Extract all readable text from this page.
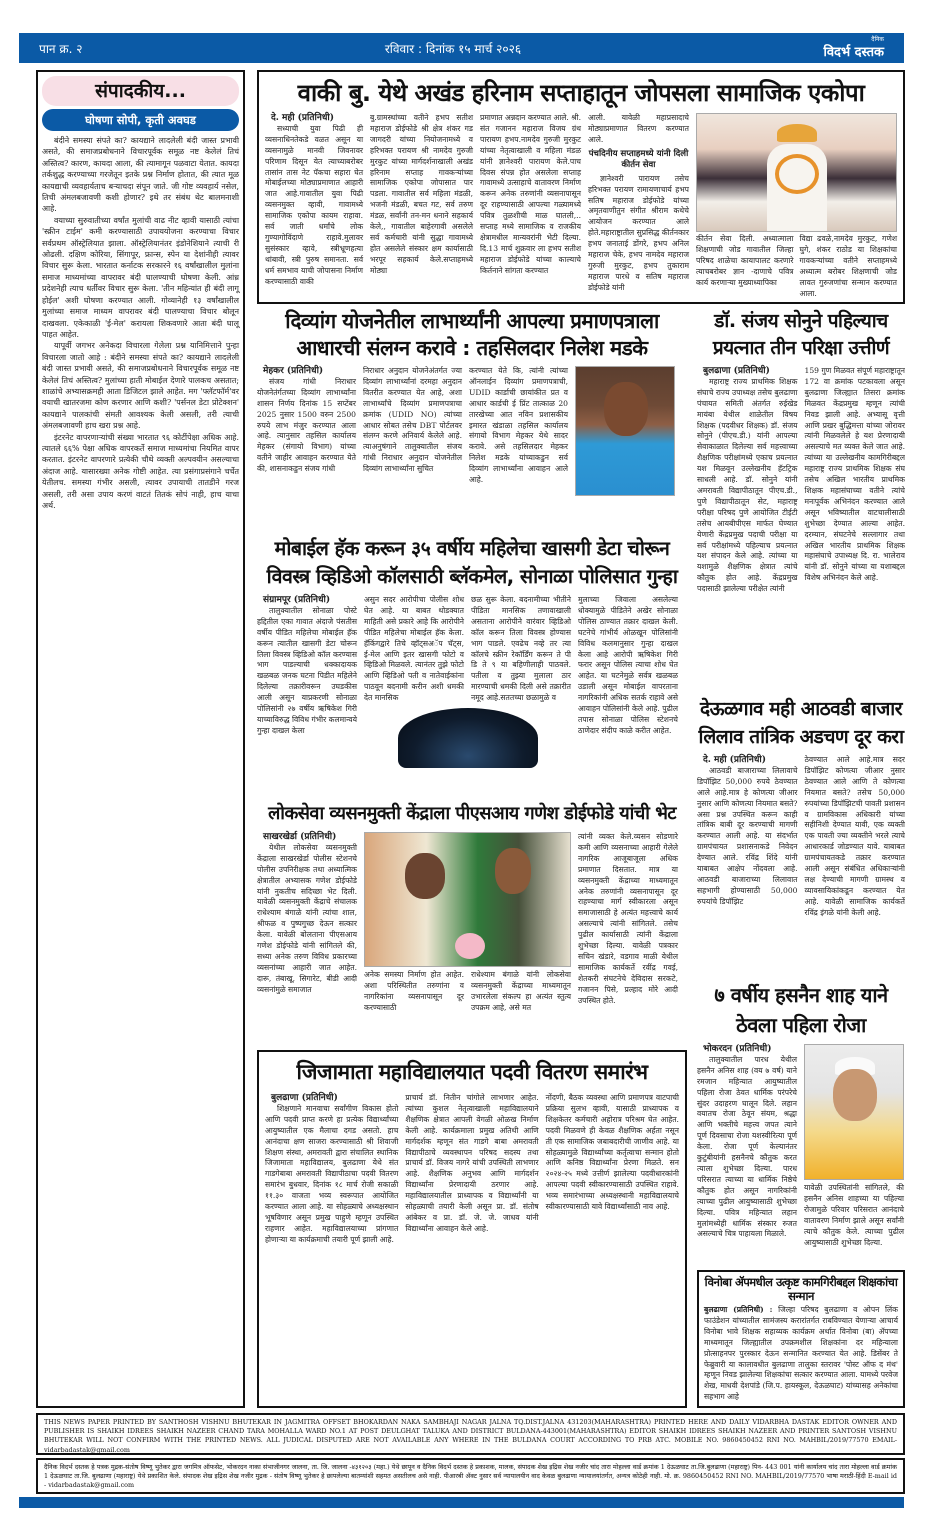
पान क्र. २	रविवार : दिनांक १५ मार्च २०२६
दैनिक
विदर्भ दस्तक
संपादकीय...
घोषणा सोपी, कृती अवघड

बंदीने समस्या संपते का? कायद्याने लादलेली बंदी जास्त प्रभावी असते, की समाजप्रबोधनाने विचारपूर्वक समूळ नष्ट केलेलं तिचं अस्तित्व? कारण, कायदा आला, की त्यामागून पळवाटा येतात. कायदा तर्कशुद्ध करण्याच्या गरजेतून इतके प्रश्न निर्माण होतात, की त्यात मूळ कायद्याची व्यवहार्यताच बऱ्याचदा संपून जाते. जी गोष्ट व्यवहार्य नसेल, तिची अंमलबजावणी कशी होणार? इथे तर संबंध थेट बालमनाशी आहे.

वयाच्या सुरुवातीच्या वर्षांत मुलांची वाढ नीट व्हावी यासाठी त्यांचा 'स्क्रीन टाईम' कमी करण्यासाठी उपाययोजना करण्याचा विचार सर्वप्रथम ऑस्ट्रेलियात झाला. ऑस्ट्रेलियानंतर इंडोनेशियाने त्याची री ओढली. दक्षिण कोरिया, सिंगापूर, फ्रान्स, स्पेन या देशांनीही त्यावर विचार सुरू केला. भारतात कर्नाटक सरकारने १६ वर्षांखालील मुलांना समाज माध्यमांच्या वापरावर बंदी घालण्याची घोषणा केली. आंध्र प्रदेशनेही त्याच धर्तीवर विचार सुरू केला. 'तीन महिन्यांत ही बंदी लागू होईल' अशी घोषणा करण्यात आली. गोव्यानेही १३ वर्षांखालील मुलांच्या समाज माध्यम वापरावर बंदी घालण्याचा विचार बोलून दाखवला. एकेकाळी 'ई-मेल' करायला शिकवणारे आता बंदी घालू पाहत आहेत.

यापूर्वी जगभर अनेकदा विचारला गेलेला प्रश्न यानिमित्ताने पुन्हा विचारला जातो आहे : बंदीने समस्या संपते का? कायद्याने लादलेली बंदी जास्त प्रभावी असते, की समाजप्रबोधनाने विचारपूर्वक समूळ नष्ट केलेलं तिचं अस्तित्व? मुलांच्या हाती मोबाईल देणारे पालकच असतात; शाळांचे अभ्यासक्रमही आता डिजिटल झाले आहेत. मग 'फ्लॅटफॉर्म'वर वयाची खातरजमा कोण करणार आणि कशी? 'पर्सनल डेटा प्रोटेक्शन' कायद्याने पालकांची संमती आवश्यक केली असली, तरी त्याची अंमलबजावणी हाच खरा प्रश्न आहे.

इंटरनेट वापरणाऱ्यांची संख्या भारतात ९६ कोटींपेक्षा अधिक आहे. त्यातले ६६% पेक्षा अधिक वापरकर्ते समाज माध्यमांचा नियमित वापर करतात. इंटरनेट वापरणारे प्रत्येकी चौथे व्यक्ती अल्पवयीन असल्याचा अंदाज आहे. यासारख्या अनेक गोष्टी आहेत. त्या प्रसंगाप्रसंगाने चर्चेत येतीलच. समस्या गंभीर असली, त्यावर उपायाची तातडीने गरज असली, तरी असा उपाय करणं वाटतं तितकं सोपं नाही, हाच याचा अर्थ.

वाकी बु. येथे अखंड हरिनाम सप्ताहातून जोपसला सामाजिक एकोपा
दे. मही (प्रतिनिधी)

सध्याची युवा पिढी ही व्यसनाधिनतेकडे वळत असून या व्यसनामुळे मानवी जिवनावर परिणाम दिसून येत त्याच्याबरोबर तासांन तास नेट पॅकचा सहारा घेत मोबाईलच्या मोठ्याप्रमाणात आहारी जात आहे.गावातील युवा पिढी व्यसनमुक्त व्हावी, गावामध्ये सामाजिक एकोपा कायम राहावा. सर्व जाती धर्मांचे लोक गुण्यागोविंदाणे राहावे.मुलावर सुसंस्कार व्हावे, स्त्रीभ्रूणहत्या थांबावी, स्त्री पुरुष समानता. सर्व धर्म समभाव याची जोपासना निर्माण करण्यासाठी वाकी

बु.ग्रामस्थांच्या वतीने हभप सतीश महाराज डोईफोडे श्री क्षेत्र शंकर गड जागदरी यांच्या नियोजनामध्ये व हरिभक्त परायण श्री नामदेव गुरुजी मुरकुट यांच्या मार्गदर्शनाखाली अखंड हरिनाम सप्ताह गावकऱ्यांच्या सामाजिक एकोपा जोपासात पार पडला. गावातील सर्व महिला मंडळी, भजनी मंडळी, बचत गट, सर्व तरुण मंडळ, सर्वांनी तन-मन धनाने सहकार्य केले,, गावातील बाहेरगावी असलेले सर्व कर्मचारी यांनी सुद्धा गावामध्ये होत असलेले संस्कार क्षम कार्यासाठी भरपूर सहकार्य केले.सप्ताहमध्ये मोठ्या

प्रमाणात अन्नदान करण्यात आले. श्री. संत गजानन महाराज विजय ग्रंथ पारायण हभप.नामदेव गुरुजी मुरकुट यांच्या नेतृत्वाखाली व महिला मंडळ यांनी ज्ञानेश्वरी पारायण केले.पाच दिवस संपन्न होत असलेला सप्ताह गावामध्ये उत्साहाचे वातावरण निर्माण करून अनेक तरुणांनी व्यसनापासून दूर राहण्यासाठी आपल्या गळ्यामध्ये पवित्र तुळशीची माळ घातली,.. सप्ताह मध्ये सामाजिक व राजकीय क्षेत्रामधील मान्यवरांनी भेटी दिल्या. दि.13 मार्च शुक्रवार ला हभप सतीश महाराज डोईफोडे यांच्या काल्याचे किर्तनाने सांगता करण्यात

आली. यावेळी महाप्रसादाचे मोठ्याप्रमाणात वितरण करण्यात आले.

पंचदिनीय सप्ताहमध्ये यांनी दिली कीर्तन सेवा

ज्ञानेश्वरी पारायण तसेच हरिभक्त परायण रामायणाचार्य हभप सतिष महाराज डोईफोडे यांच्या अमृतवाणीतुन संगीत श्रीराम कथेचे आयोजन करण्यात आले होते.महाराष्ट्रातील सुप्रसिद्ध कीर्तनकार हभप जनाताई डोंगरे, हभप अनिल महाराज चेके, हभप नामदेव महाराज गुरुजी मुरकुट, हभप तुकाराम महाराज पारधे व सतिष महाराज डोईफोडे यांनी

कीर्तन सेवा दिली. अध्यात्माला शिक्षणाची जोड गावातील जिल्हा परिषद शाळेचा कायापालट करणारे त्याचबरोबर ज्ञान -दाणाचे पवित्र कार्य करणाऱ्या मुख्याध्यापिका
विद्या ढवळे,नामदेव मुरकुट, गणेश घुगे, शंकर राठोड या शिक्षकांचा गावकऱ्यांच्या वतीने सप्ताहमध्ये अध्यात्म बरोबर शिक्षणाची जोड लावत गुरुजणांचा सन्मान करण्यात आला.
दिव्यांग योजनेतील लाभार्थ्यांनी आपल्या प्रमाणपत्राला आधारची संलग्न करावे : तहसिलदार निलेश मडके
मेहकर (प्रतिनिधी)

संजय गांधी निराधार योजनेतंर्गतच्या दिव्यांग लाभार्थ्यांना शासन निर्णय दिनांक 15 सप्टेंबर 2025 नुसार 1500 वरुन 2500 रुपये लाभ मंजुर करण्यात आला आहे. त्यानुसार तहसिल कार्यालय मेहकर (संगायो विभाग) यांच्या वतीने जाहीर आवाहन करण्यात येते की, शासनाकडुन संजय गांधी

निराधार अनुदान योजनेअंतर्गत ज्या दिव्यांग लाभार्थ्यांनां दरमहा अनुदान वितरीत करण्यात येत आहे, अशा लाभार्थ्यांचे दिव्यांग प्रमाणपत्राचा क्रमांक (UDID NO) त्यांच्या आधार सोबत तसेच DBT पोर्टलवर संलग्न करणे अनिवार्य केलेले आहे. त्याअनुषंगाने तालुक्यातील संजय गांधी निराधार अनुदान योजनेतील दिव्यांग लाभार्थ्यांना सुचित
करण्यात येते कि, त्यांनी त्यांच्या ऑनलाईन दिव्यांग प्रमाणपत्राची, UDID कार्डाची छायांकीत प्रत व आधार कार्डची ई प्रिंट तात्काळ 20 तारखेच्या आत नविन प्रशासकीय इमारत खंडाळा तहसिल कार्यालय संगायो विभाग मेहकर येथे सादर करावे. असे तहसिलदार मेहकर निलेश मडके यांच्याकडुन सर्व दिव्यांग लाभार्थ्यांना आवाहन आले आहे.
डॉ. संजय सोनुने पहिल्याच प्रयत्नात तीन परिक्षा उत्तीर्ण
बुलढाणा (प्रतिनिधी)

महाराष्ट्र राज्य प्राथमिक शिक्षक संघाचे राज्य उपाध्यक्ष तसेच बुलढाणा पंचायत समिती अंतर्गत रुईखेड मायंबा येथील शाळेतील विषय शिक्षक (पदवीधर शिक्षक) डॉ. संजय सोनुने (पीएच.डी.) यांनी आपल्या सेवाकाळात दिलेल्या सर्व महत्त्वाच्या शैक्षणिक परीक्षांमध्ये एकाच प्रयत्नात यश मिळवून उल्लेखनीय हॅटट्रिक साधली आहे. डॉ. सोनुने यांनी अमरावती विद्यापीठातून पीएच.डी., पुणे विद्यापीठातून सेट, महाराष्ट्र परीक्षा परिषद पुणे आयोजित टीईटी तसेच आयबीपीएस मार्फत घेण्यात येणारी केंद्रप्रमुख पदाची परीक्षा या सर्व परीक्षांमध्ये पहिल्याच प्रयत्नात यश संपादन केले आहे. त्यांच्या या यशामुळे शैक्षणिक क्षेत्रात त्यांचे कौतुक होत आहे. केंद्रप्रमुख पदासाठी झालेल्या परीक्षेत त्यांनी

159 गुण मिळवत संपूर्ण महाराष्ट्रातून 172 वा क्रमांक पटकावला असून बुलढाणा जिल्ह्यात तिसरा क्रमांक मिळवत केंद्रप्रमुख म्हणून त्यांची निवड झाली आहे. अभ्यासू वृत्ती आणि प्रखर बुद्धिमत्ता यांच्या जोरावर त्यांनी मिळवलेले हे यश प्रेरणादायी असल्याचे मत व्यक्त केले जात आहे. त्यांच्या या उल्लेखनीय कामगिरीबद्दल महाराष्ट्र राज्य प्राथमिक शिक्षक संघ तसेच अखिल भारतीय प्राथमिक शिक्षक महासंघाच्या वतीने त्यांचे मनःपूर्वक अभिनंदन करण्यात आले असून भविष्यातील वाटचालीसाठी शुभेच्छा देण्यात आल्या आहेत. दरम्यान, संघटनेचे सल्लागार तथा अखिल भारतीय प्राथमिक शिक्षक महासंघाचे उपाध्यक्ष दि. रा. भालेराव यांनी डॉ. सोनुने यांच्या या यशाबद्दल विशेष अभिनंदन केले आहे.
मोबाईल हॅक करून ३५ वर्षीय महिलेचा खासगी डेटा चोरून विवस्त्र व्हिडिओ कॉलसाठी ब्लॅकमेल, सोनाळा पोलिसात गुन्हा
संग्रामपूर (प्रतिनिधी)

तालुक्यातील सोनाळा पोस्टे हद्दितील एका गावात अंदाजे पंसतीस वर्षीय पीडित महिलेचा मोबाईल हॅक करून त्यातील खासगी डेटा चोरून तिला विवस्त्र व्हिडिओ कॉल करण्यास भाग पाडल्याची धक्कादायक खळबळ जनक घटना पिडीत महिलेने दिलेल्या तक्रारीवरून उघडकीस आली असून याप्रकरणी सोनाळा पोलिसांनी २७ वर्षीय ऋषिकेश गिरी याच्याविरुद्ध विविध गंभीर कलमान्वये गुन्हा दाखल केला

असुन सदर आरोपीचा पोलीस शोध घेत आहे. या बाबत थोडक्यात माहिती असे प्रकारे आहे कि आरोपीने पीडित महिलेचा मोबाईल हॅक केला. हॅकिंगद्वारे तिचे व्हॉट्सअॅप चॅट्स, ई-मेल आणि इतर खासगी फोटो व व्हिडिओ मिळवले. त्यानंतर तुझे फोटो आणि व्हिडिओ पती व नातेवाईकांना पाठवून बदनामी करीन अशी धमकी देत मानसिक

छळ सुरू केला. बदनामीच्या भीतीने पीडिता मानसिक तणावाखाली असताना आरोपीने वारंवार व्हिडिओ कॉल करून तिला विवस्त्र होण्यास भाग पाडले. एवढेच नव्हे तर त्या कॉलचे स्क्रीन रेकॉर्डिंग करून ते पी डि ते ९ या बहिणीलाही पाठवले. पतीला व तुझ्या मुलाला ठार मारण्याची धमकी दिली असे तक्रारीत नमूद आहे.सततच्या छळामुळे व

मुलाच्या जिवाला असलेल्या धोक्यामुळे पीडितेने अखेर सोनाळा पोलिस ठाण्यात तक्रार दाखल केली. घटनेचे गांभीर्य ओळखून पोलिसांनी विविध कलमानुसार गुन्हा दाखल केला आहे आरोपी ऋषिकेश गिरी फरार असून पोलिस त्याचा शोध घेत आहेत. या घटनेमुळे सर्वत्र खळबळ उडाली असून मोबाईल वापरताना नागरिकांनी अधिक सतर्क राहावे असे आवाहन पोलिसांनी केले आहे. पुढील तपास सोनाळा पोलिस स्टेशनचे ठाणेदार संदीप काळे करीत आहेत.

देऊळगाव मही आठवडी बाजार लिलाव तांत्रिक अडचण दूर करा
दे. मही (प्रतिनिधी)

आठवडी बाजाराच्या लिलावाचे डिपॉझिट 50,000 रुपये ठेवण्यात आले आहे.मात्र हे कोणत्या जीआर नुसार आणि कोणत्या नियमात बसते? असा प्रश्न उपस्थित करून काही तांत्रिक बाबी दूर करण्याची मागणी करण्यात आली आहे. या संदर्भात ग्रामपंचायत प्रशासनाकडे निवेदन देण्यात आले. रविंद्र शिंदे यांनी याबाबत आक्षेप नोंदवला आहे. आठवडी बाजाराच्या लिलावात सहभागी होण्यासाठी 50,000 रुपयांचे डिपॉझिट

ठेवण्यात आले आहे.मात्र सदर डिपॉझिट कोणत्या जीआर नुसार ठेवण्यात आले आणि ते कोणत्या नियमात बसते? तसेच 50,000 रुपयांच्या डिपॉझिटची पावती प्रशासन व ग्रामविकास अधिकारी यांच्या सहीनिशी देण्यात यावी, एक व्यक्ती एक पावती ज्या व्यक्तीने भरले त्याचे आधारकार्ड जोडण्यात यावे. याबाबत ग्रामपंचायतकडे तक्रार करण्यात आली असून संबंधित अधिकाऱ्यांनी लक्ष देण्याची मागणी ग्रामस्थ व व्यावसायिकांकडून करण्यात येत आहे. यावेळी सामाजिक कार्यकर्ते रविंद्र इंगळे यांनी केली आहे.
लोकसेवा व्यसनमुक्ती केंद्राला पीएसआय गणेश डोईफोडे यांची भेट
साखरखेर्डा (प्रतिनिधी)

येथील लोकसेवा व्यसनमुक्ती केंद्राला साखरखेर्डा पोलीस स्टेशनचे पोलीस उपनिरीक्षक तथा अध्यात्मिक क्षेत्रातील अभ्यासक गणेश डोईफोडे यांनी नुकतीच सदिच्छा भेट दिली. यावेळी व्यसनमुक्ती केंद्राचे संचालक राधेश्याम बंगाळे यांनी त्यांचा शाल, श्रीफळ व पुष्पगुच्छ देऊन सत्कार केला. यावेळी बोलताना पीएसआय गणेश डोईफोडे यांनी सांगितले की, सध्या अनेक तरुण विविध प्रकारच्या व्यसनांच्या आहारी जात आहेत. दारू, तंबाखू, सिगारेट, बीडी आदी व्यसनांमुळे समाजात

अनेक समस्या निर्माण होत आहेत. अशा परिस्थितीत तरुणांना व नागरिकांना व्यसनापासून दूर करण्यासाठी
राधेश्याम बंगाळे यांनी लोकसेवा व्यसनमुक्ती केंद्राच्या माध्यमातून उभारलेला संकल्प हा अत्यंत स्तुत्य उपक्रम आहे, असे मत
त्यांनी व्यक्त केले.व्यसन सोडणारे कमी आणि व्यसनाच्या आहारी गेलेले नागरिक आजूबाजूला अधिक प्रमाणात दिसतात. मात्र या व्यसनमुक्ती केंद्राच्या माध्यमातून अनेक तरुणांनी व्यसनापासून दूर राहण्याचा मार्ग स्वीकारला असून समाजासाठी हे अत्यंत महत्त्वाचे कार्य असल्याचे त्यांनी सांगितले. तसेच पुढील कार्यासाठी त्यांनी केंद्राला शुभेच्छा दिल्या. यावेळी पत्रकार सचिन खंडारे, वडगाव माळी येथील सामाजिक कार्यकर्ते रवींद्र गवई, शेतकरी संघटनेचे देविदास सरकटे, गजानन पिसे, प्रल्हाद मोरे आदी उपस्थित होते.	७ वर्षीय हसनैन शाह याने ठेवला पहिला रोजा
भोकरदन (प्रतिनिधी)

तालुक्यातील पारध येथील हसनैन अनिस शाह (वय ७ वर्ष) याने रमजान महिन्यात आयुष्यातील पहिला रोजा ठेवत धार्मिक परंपरेचे सुंदर उदाहरण घालून दिले. लहान वयातच रोजा ठेवून संयम, श्रद्धा आणि भक्तीचे महत्त्व जपत त्याने पूर्ण दिवसाचा रोजा यशस्वीरित्या पूर्ण केला. रोजा पूर्ण केल्यानंतर कुटुंबीयांनी हसनैनचे कौतुक करत त्याला शुभेच्छा दिल्या. पारध परिसरात त्याच्या या धार्मिक निष्ठेचे कौतुक होत असून नागरिकांनी त्याच्या पुढील आयुष्यासाठी शुभेच्छा दिल्या. पवित्र महिन्यात लहान मुलांमध्येही धार्मिक संस्कार रुजत असल्याचे चित्र पाहायला मिळाले.

यावेळी उपस्थितांनी सांगितले, की हसनैन अनिस शाहच्या या पहिल्या रोजामुळे परिवार परिसरात आनंदाचे वातावरण निर्माण झाले असून सर्वांनी त्याचे कौतुक केले. त्याच्या पुढील आयुष्यासाठी शुभेच्छा दिल्या.
जिजामाता महाविद्यालयात पदवी वितरण समारंभ
बुलढाणा (प्रतिनिधी)

शिक्षणाने मानवाचा सर्वांगीण विकास होतो आणि पदवी प्राप्त करणे हा प्रत्येक विद्यार्थ्यांच्या आयुष्यातील एक मैलाचा दगड असतो. हाच आनंदाचा क्षण साजरा करण्यासाठी श्री शिवाजी शिक्षण संस्था, अमरावती द्वारा संचालित स्थानिक जिजामाता महाविद्यालय, बुलढाणा येथे संत गाडगेबाबा अमरावती विद्यापीठाचा पदवी वितरण समारंभ बुधवार, दिनांक १८ मार्च रोजी सकाळी ११.३० वाजता भव्य स्वरूपात आयोजित करण्यात आला आहे. या सोहळ्याचे अध्यक्षस्थान भूषविणार असून प्रमुख पाहुणे म्हणून उपस्थित राहणार आहेत. महाविद्यालयाच्या प्रांगणात होणाऱ्या या कार्यक्रमाची तयारी पूर्ण झाली आहे.

प्राचार्य डॉ. नितीन चांगोले लाभणार आहेत. त्यांच्या कुशल नेतृत्वाखाली महाविद्यालयाने शैक्षणिक क्षेत्रात आपली वेगळी ओळख निर्माण केली आहे. कार्यक्रमाला प्रमुख अतिथी आणि मार्गदर्शक म्हणून संत गाडगे बाबा अमरावती विद्यापीठाचे व्यवस्थापन परिषद सदस्य तथा प्राचार्य डॉ. विजय नागरे यांची उपस्थिती लाभणार आहे. शैक्षणिक अनुभव आणि मार्गदर्शन विद्यार्थ्यांना प्रेरणादायी ठरणार आहे. महाविद्यालयातील प्राध्यापक व विद्यार्थ्यांनी या सोहळ्याची तयारी केली असून प्रा. डॉ. संतोष आंबेकर व प्रा. डॉ. जे. जे. जाधव यांनी विद्यार्थ्यांना आवाहन केले आहे.
नोंदणी, बैठक व्यवस्था आणि प्रमाणपत्र वाटपाची प्रक्रिया सुलभ व्हावी, यासाठी प्राध्यापक व शिक्षकेतर कर्मचारी अहोरात्र परिश्रम घेत आहेत. पदवी मिळवणे ही केवळ शैक्षणिक अर्हता नसून ती एक सामाजिक जबाबदारीची जाणीव आहे. या सोहळ्यामुळे विद्यार्थ्यांच्या कर्तृत्वाचा सन्मान होतो आणि कनिष्ठ विद्यार्थ्यांना प्रेरणा मिळते. सन २०२४-२५ मध्ये उत्तीर्ण झालेल्या पदवीधारकांनी आपल्या पदवी स्वीकारण्यासाठी उपस्थित राहावे. भव्य समारंभाच्या अध्यक्षस्थानी महाविद्यालयाचे स्वीकारण्यासाठी यावे विद्यार्थ्यांसाठी नाव आहे.
विनोबा ॲपमधील उत्कृष्ट कामगिरीबद्दल शिक्षकांचा सन्मान
बुलढाणा (प्रतिनिधी) : जिल्हा परिषद बुलढाणा व ओपन लिंक फाउंडेशन यांच्यातील सामंजस्य करारांतर्गत राबविण्यात येणाऱ्या आचार्य विनोबा भावे शिक्षक सहाय्यक कार्यक्रम अर्थात विनोबा (बा) ॲपच्या माध्यमातून जिल्ह्यातील उपक्रमशील शिक्षकांना दर महिन्याला प्रोत्साहनपर पुरस्कार देऊन सन्मानित करण्यात येत आहे. डिसेंबर ते फेब्रुवारी या कालावधीत बुलढाणा तालुका स्तरावर 'पोस्ट ऑफ द मंथ' म्हणून निवड झालेल्या शिक्षकांचा सत्कार करण्यात आला. यामध्ये परवेज शेख, माधवी देशपांडे (जि.प. हायस्कूल, देऊळघाट) यांच्यासह अनेकांचा सहभाग आहे
THIS NEWS PAPER PRINTED BY SANTHOSH VISHNU BHUTEKAR IN JAGMITRA OFFSET BHOKARDAN NAKA SAMBHAJI NAGAR JALNA TQ.DIST.JALNA 431203(MAHARASHTRA) PRINTED HERE AND DAILY VIDARBHA DASTAK EDITOR OWNER AND PUBLISHER IS SHAIKH IDREES SHAIKH NAZEER CHAND TARA MOHALLA WARD NO.1 AT POST DEULGHAT TALUKA AND DISTRICT BULDANA-443001(MAHARASHTRA) EDITOR SHAIKH IDREES SHAIKH NAZEER AND PRINTER SANTOSH VISHNU BHUTEKAR WILL NOT CONFIRM WITH THE PRINTED NEWS. ALL JUDICAL DISPUTED ARE NOT AVAILABLE ANY WHERE IN THE BULDANA COURT ACCORDING TO PRB ATC. MOBILE NO. 9860450452 RNI NO. MAHBIL/2019/77570 EMAIL- vidarbadastak@gmail.com
दैनिक विदर्भ दस्तक हे पत्रक मुद्रक-संतोष विष्णू भुतेकर द्वारा जगमित्र ऑफसेट, भोकरदन नाका संभाजीनगर जालना, ता. जि. जालना -४३१२०३ (महा.) येथे छापून व दैनिक विदर्भ दस्तक हे प्रकाशक, मालक, संपादक शेख इद्रिस शेख नजीर चांद तारा मोहल्ला वार्ड क्रमांक 1 देऊळघाट ता.जि.बुलढाणा (महाराष्ट्र) पिन- 443 001 यांनी कार्यालय चांद तारा मोहल्ला वार्ड क्रमांक 1 देऊळघाट ता.जि. बुलढाणा (महाराष्ट्र) येथे प्रकाशित केले. संपादक शेख इद्रिस शेख नजीर मुद्रक - संतोष विष्णू भुतेकर हे छापलेल्या बातम्यांशी सहमत असतीलच असे नाही. पीआरबी ॲक्ट नुसार सर्व न्यायालयीन वाद केवळ बुलढाणा न्यायालयांतर्गत, अन्यत्र कोठेही नाही. मो. क्र. 9860450452 RNI NO. MAHBIL/2019/77570 भाषा मराठी-हिंदी E-mail id - vidarbadastak@gmail.com
